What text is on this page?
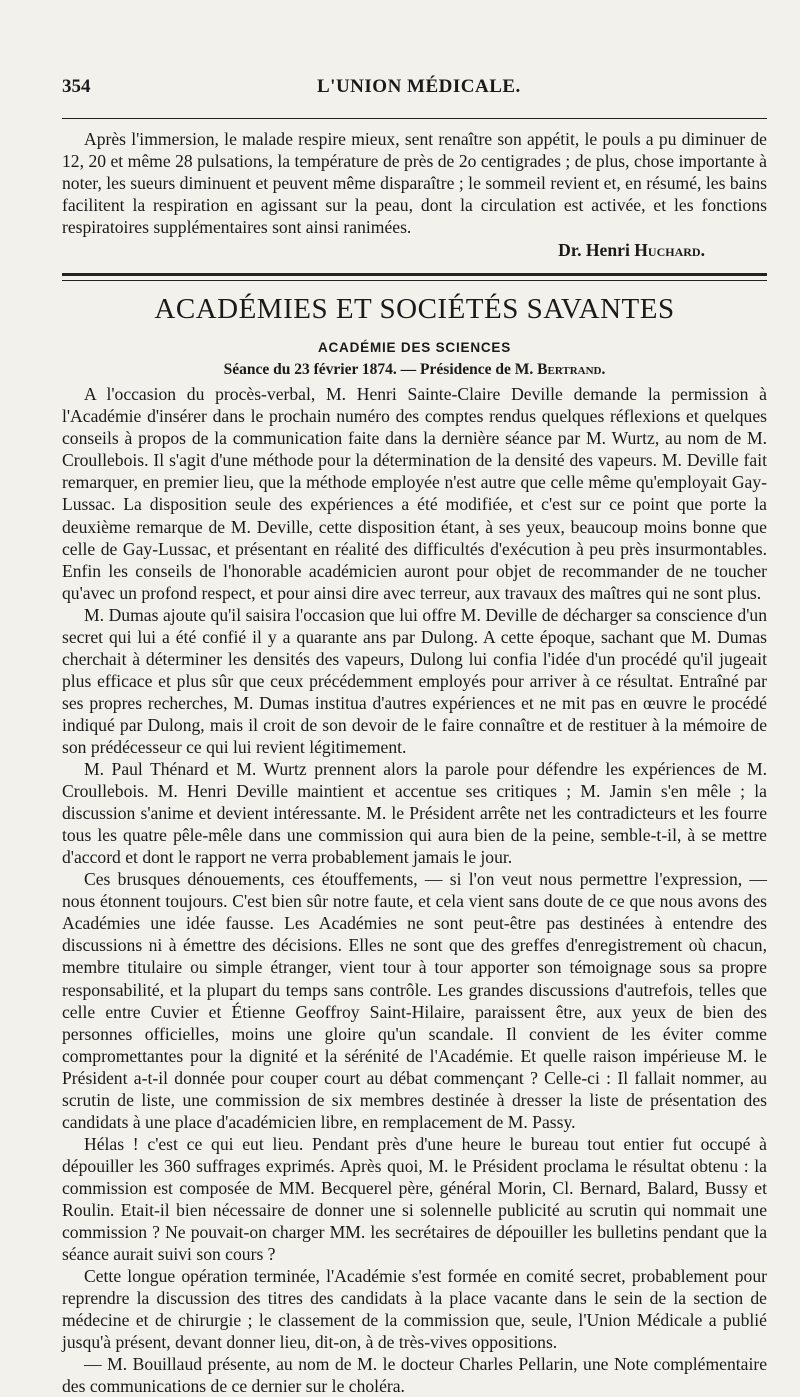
354	L'UNION MÉDICALE.

Après l'immersion, le malade respire mieux, sent renaître son appétit, le pouls a pu diminuer de 12, 20 et même 28 pulsations, la température de près de 2o centigrades ; de plus, chose importante à noter, les sueurs diminuent et peuvent même disparaître ; le sommeil revient et, en résumé, les bains facilitent la respiration en agissant sur la peau, dont la circulation est activée, et les fonctions respiratoires supplémentaires sont ainsi ranimées.

Dr. Henri Huchard.
ACADÉMIES ET SOCIÉTÉS SAVANTES
ACADÉMIE DES SCIENCES
Séance du 23 février 1874. — Présidence de M. Bertrand.

A l'occasion du procès-verbal, M. Henri Sainte-Claire Deville demande la permission à l'Académie d'insérer dans le prochain numéro des comptes rendus quelques réflexions et quelques conseils à propos de la communication faite dans la dernière séance par M. Wurtz, au nom de M. Croullebois. Il s'agit d'une méthode pour la détermination de la densité des vapeurs. M. Deville fait remarquer, en premier lieu, que la méthode employée n'est autre que celle même qu'employait Gay-Lussac. La disposition seule des expériences a été modifiée, et c'est sur ce point que porte la deuxième remarque de M. Deville, cette disposition étant, à ses yeux, beaucoup moins bonne que celle de Gay-Lussac, et présentant en réalité des difficultés d'exécution à peu près insurmontables. Enfin les conseils de l'honorable académicien auront pour objet de recommander de ne toucher qu'avec un profond respect, et pour ainsi dire avec terreur, aux travaux des maîtres qui ne sont plus.

M. Dumas ajoute qu'il saisira l'occasion que lui offre M. Deville de décharger sa conscience d'un secret qui lui a été confié il y a quarante ans par Dulong. A cette époque, sachant que M. Dumas cherchait à déterminer les densités des vapeurs, Dulong lui confia l'idée d'un procédé qu'il jugeait plus efficace et plus sûr que ceux précédemment employés pour arriver à ce résultat. Entraîné par ses propres recherches, M. Dumas institua d'autres expériences et ne mit pas en œuvre le procédé indiqué par Dulong, mais il croit de son devoir de le faire connaître et de restituer à la mémoire de son prédécesseur ce qui lui revient légitimement.

M. Paul Thénard et M. Wurtz prennent alors la parole pour défendre les expériences de M. Croullebois. M. Henri Deville maintient et accentue ses critiques ; M. Jamin s'en mêle ; la discussion s'anime et devient intéressante. M. le Président arrête net les contradicteurs et les fourre tous les quatre pêle-mêle dans une commission qui aura bien de la peine, semble-t-il, à se mettre d'accord et dont le rapport ne verra probablement jamais le jour.

Ces brusques dénouements, ces étouffements, — si l'on veut nous permettre l'expression, — nous étonnent toujours. C'est bien sûr notre faute, et cela vient sans doute de ce que nous avons des Académies une idée fausse. Les Académies ne sont peut-être pas destinées à entendre des discussions ni à émettre des décisions. Elles ne sont que des greffes d'enregistrement où chacun, membre titulaire ou simple étranger, vient tour à tour apporter son témoignage sous sa propre responsabilité, et la plupart du temps sans contrôle. Les grandes discussions d'autrefois, telles que celle entre Cuvier et Étienne Geoffroy Saint-Hilaire, paraissent être, aux yeux de bien des personnes officielles, moins une gloire qu'un scandale. Il convient de les éviter comme compromettantes pour la dignité et la sérénité de l'Académie. Et quelle raison impérieuse M. le Président a-t-il donnée pour couper court au débat commençant ? Celle-ci : Il fallait nommer, au scrutin de liste, une commission de six membres destinée à dresser la liste de présentation des candidats à une place d'académicien libre, en remplacement de M. Passy.

Hélas ! c'est ce qui eut lieu. Pendant près d'une heure le bureau tout entier fut occupé à dépouiller les 360 suffrages exprimés. Après quoi, M. le Président proclama le résultat obtenu : la commission est composée de MM. Becquerel père, général Morin, Cl. Bernard, Balard, Bussy et Roulin. Etait-il bien nécessaire de donner une si solennelle publicité au scrutin qui nommait une commission ? Ne pouvait-on charger MM. les secrétaires de dépouiller les bulletins pendant que la séance aurait suivi son cours ?

Cette longue opération terminée, l'Académie s'est formée en comité secret, probablement pour reprendre la discussion des titres des candidats à la place vacante dans le sein de la section de médecine et de chirurgie ; le classement de la commission que, seule, l'Union Médicale a publié jusqu'à présent, devant donner lieu, dit-on, à de très-vives oppositions.

— M. Bouillaud présente, au nom de M. le docteur Charles Pellarin, une Note complémentaire des communications de ce dernier sur le choléra.
